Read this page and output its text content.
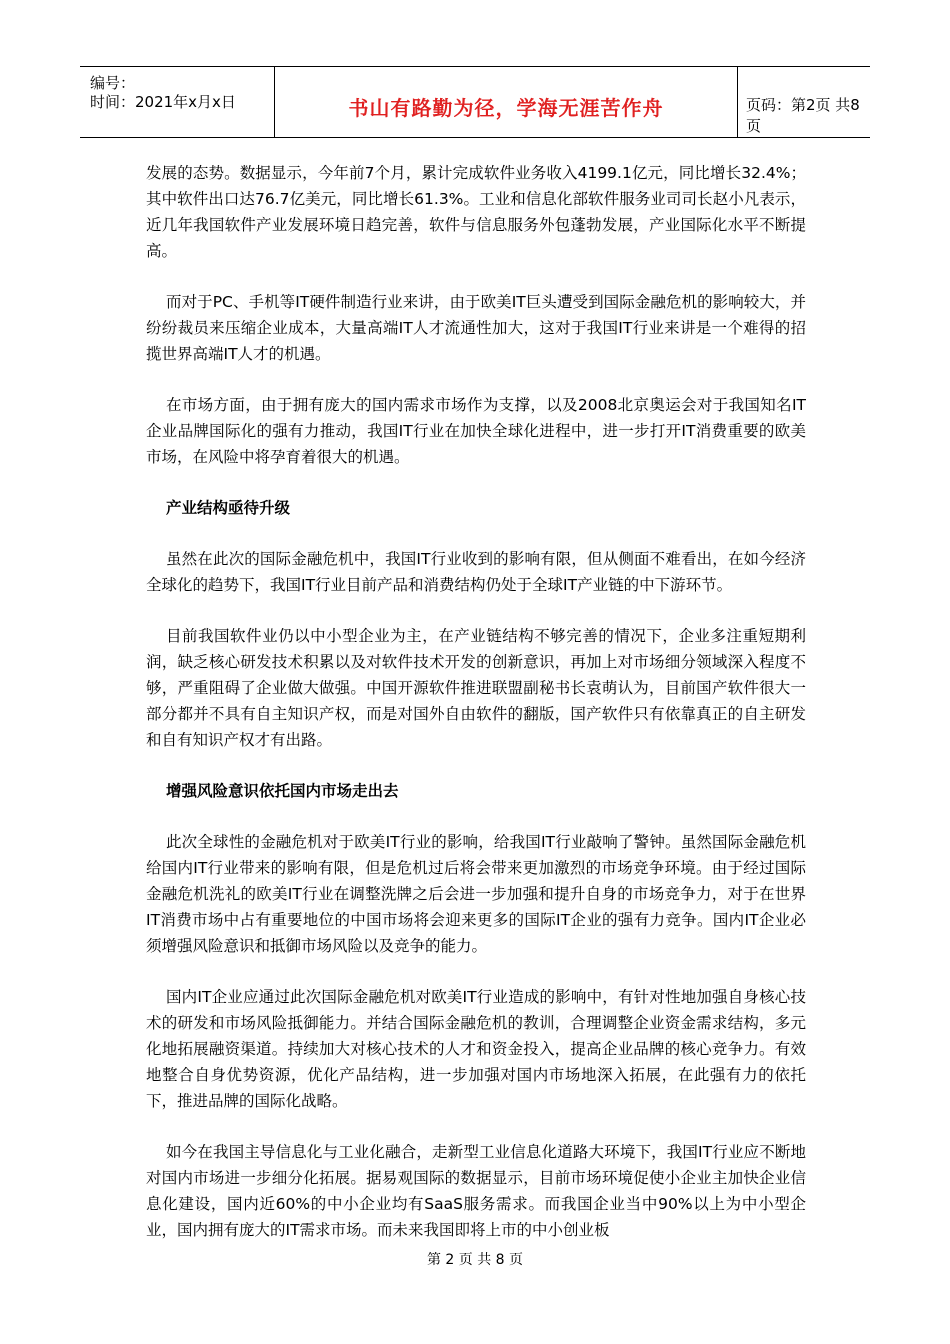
编号：
时间：2021年x月x日	书山有路勤为径，学海无涯苦作舟	页码：第2页 共8页

发展的态势。数据显示，今年前7个月，累计完成软件业务收入4199.1亿元，同比增长32.4%；其中软件出口达76.7亿美元，同比增长61.3%。工业和信息化部软件服务业司司长赵小凡表示，近几年我国软件产业发展环境日趋完善，软件与信息服务外包蓬勃发展，产业国际化水平不断提高。

而对于PC、手机等IT硬件制造行业来讲，由于欧美IT巨头遭受到国际金融危机的影响较大，并纷纷裁员来压缩企业成本，大量高端IT人才流通性加大，这对于我国IT行业来讲是一个难得的招揽世界高端IT人才的机遇。

在市场方面，由于拥有庞大的国内需求市场作为支撑，以及2008北京奥运会对于我国知名IT企业品牌国际化的强有力推动，我国IT行业在加快全球化进程中，进一步打开IT消费重要的欧美市场，在风险中将孕育着很大的机遇。

产业结构亟待升级

虽然在此次的国际金融危机中，我国IT行业收到的影响有限，但从侧面不难看出，在如今经济全球化的趋势下，我国IT行业目前产品和消费结构仍处于全球IT产业链的中下游环节。

目前我国软件业仍以中小型企业为主，在产业链结构不够完善的情况下，企业多注重短期利润，缺乏核心研发技术积累以及对软件技术开发的创新意识，再加上对市场细分领域深入程度不够，严重阻碍了企业做大做强。中国开源软件推进联盟副秘书长袁萌认为，目前国产软件很大一部分都并不具有自主知识产权，而是对国外自由软件的翻版，国产软件只有依靠真正的自主研发和自有知识产权才有出路。

增强风险意识依托国内市场走出去

此次全球性的金融危机对于欧美IT行业的影响，给我国IT行业敲响了警钟。虽然国际金融危机给国内IT行业带来的影响有限，但是危机过后将会带来更加激烈的市场竞争环境。由于经过国际金融危机洗礼的欧美IT行业在调整洗牌之后会进一步加强和提升自身的市场竞争力，对于在世界IT消费市场中占有重要地位的中国市场将会迎来更多的国际IT企业的强有力竞争。国内IT企业必须增强风险意识和抵御市场风险以及竞争的能力。

国内IT企业应通过此次国际金融危机对欧美IT行业造成的影响中，有针对性地加强自身核心技术的研发和市场风险抵御能力。并结合国际金融危机的教训，合理调整企业资金需求结构，多元化地拓展融资渠道。持续加大对核心技术的人才和资金投入，提高企业品牌的核心竞争力。有效地整合自身优势资源，优化产品结构，进一步加强对国内市场地深入拓展，在此强有力的依托下，推进品牌的国际化战略。

如今在我国主导信息化与工业化融合，走新型工业信息化道路大环境下，我国IT行业应不断地对国内市场进一步细分化拓展。据易观国际的数据显示，目前市场环境促使小企业主加快企业信息化建设，国内近60%的中小企业均有SaaS服务需求。而我国企业当中90%以上为中小型企业，国内拥有庞大的IT需求市场。而未来我国即将上市的中小创业板

第 2 页 共 8 页
